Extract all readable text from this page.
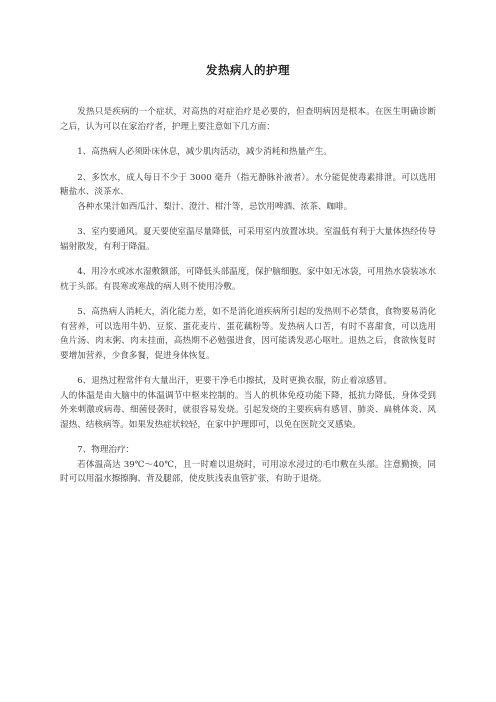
发热病人的护理

发热只是疾病的一个症状，对高热的对症治疗是必要的，但查明病因是根本。在医生明确诊断之后，认为可以在家治疗者，护理上要注意如下几方面：

1、高热病人必须卧床休息，减少肌肉活动，减少消耗和热量产生。

2、多饮水，成人每日不少于 3000 毫升（指无静脉补液者）。水分能促使毒素排泄。可以选用糖盐水、淡茶水、
各种水果汁如西瓜汁、梨汁、澄汁、柑汁等，忌饮用啤酒、浓茶、咖啡。

3、室内要通风。夏天要使室温尽量降低，可采用室内放置冰块。室温低有利于大量体热经传导辐射散发，有利于降温。

4、用冷水或冰水湿敷额部，可降低头部温度，保护脑细胞。家中如无冰袋，可用热水袋装冰水枕于头部。有畏寒或寒战的病人则不使用冷敷。

5、高热病人消耗大，消化能力差，如不是消化道疾病所引起的发热则不必禁食，食物要易消化有营养，可以选用牛奶、豆浆、蛋花麦片、蛋花藕粉等。发热病人口苦，有时不喜甜食，可以选用鱼片汤、肉末粥、肉末挂面，高热期不必勉强进食，因可能诱发恶心呕吐。退热之后，食欲恢复时要增加营养，少食多餐，促进身体恢复。

6、退热过程常伴有大量出汗，更要干净毛巾擦拭，及时更换衣服，防止着凉感冒。
人的体温是由大脑中的体温调节中枢来控制的。当人的机体免疫功能下降，抵抗力降低，身体受到外来刺激或病毒、细菌侵袭时，就很容易发烧。引起发烧的主要疾病有感冒、肺炎、扁桃体炎、风湿热、结核病等。如果发热症状较轻，在家中护理即可，以免在医院交叉感染。

7、物理治疗：
若体温高达 39℃～40℃，且一时难以退烧时，可用凉水浸过的毛巾敷在头部。注意勤换，同时可以用温水擦擦胸、背及腿部，使皮肤浅表血管扩张，有助于退烧。
